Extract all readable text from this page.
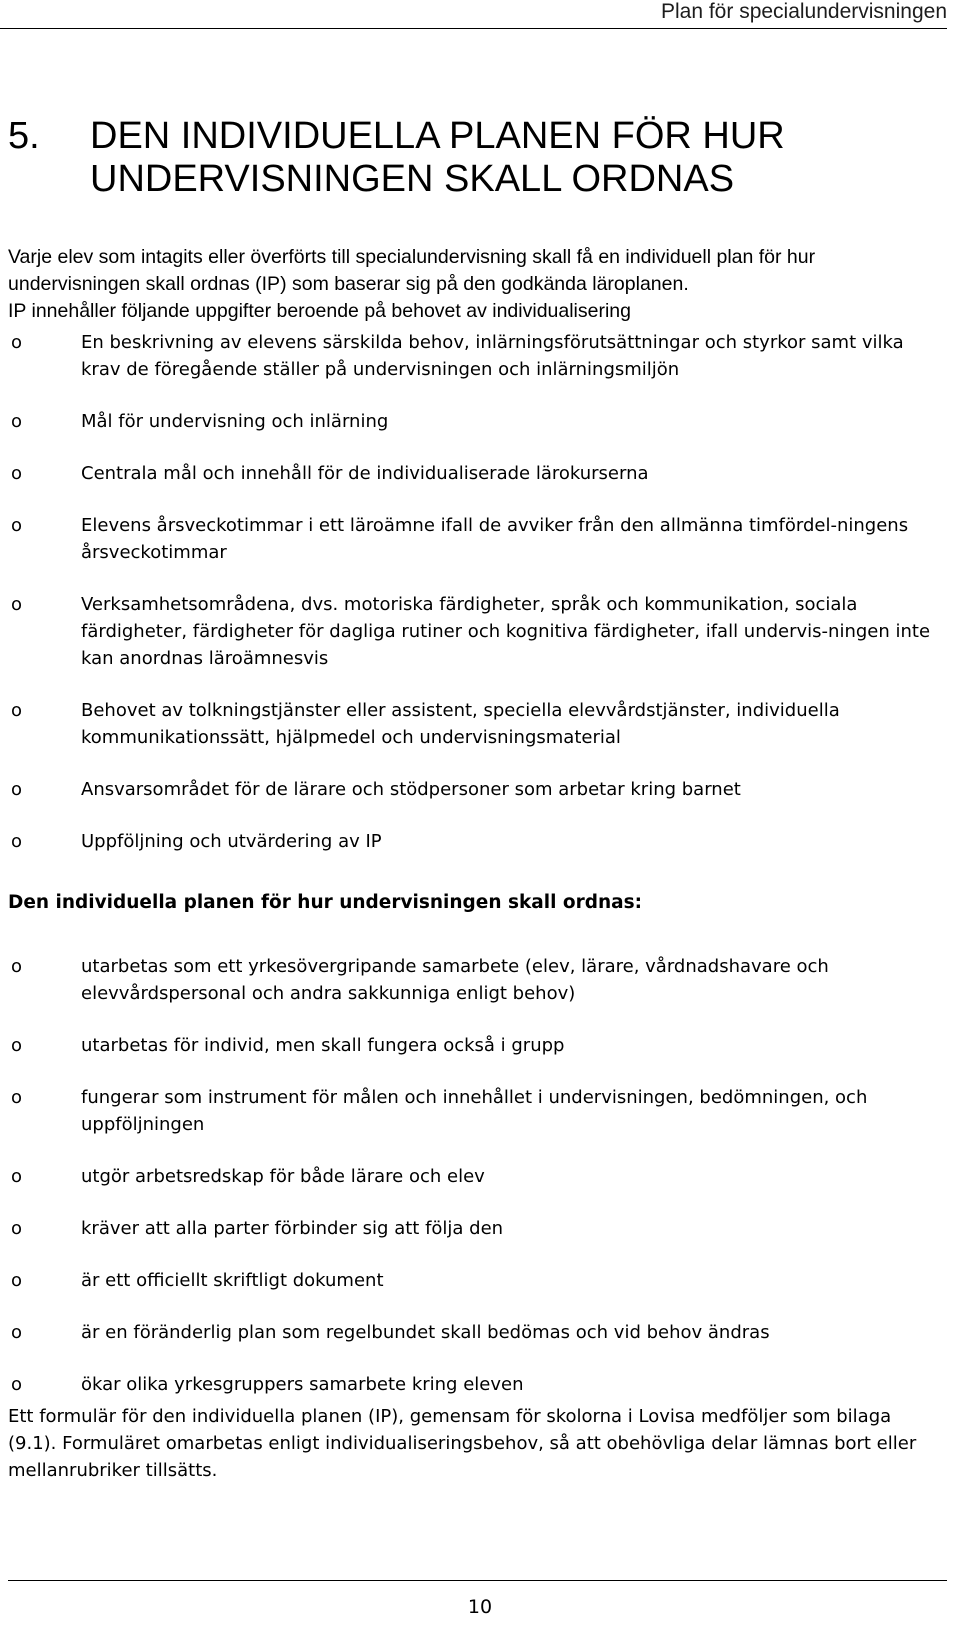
Plan för specialundervisningen
5. DEN INDIVIDUELLA PLANEN FÖR HUR UNDERVISNINGEN SKALL ORDNAS

Varje elev som intagits eller överförts till specialundervisning skall få en individuell plan för hur undervisningen skall ordnas (IP) som baserar sig på den godkända läroplanen.

IP innehåller följande uppgifter beroende på behovet av individualisering

o	En beskrivning av elevens särskilda behov, inlärningsförutsättningar och styrkor samt vilka krav de föregående ställer på undervisningen och inlärningsmiljön
o	Mål för undervisning och inlärning
o	Centrala mål och innehåll för de individualiserade lärokurserna
o	Elevens årsveckotimmar i ett läroämne ifall de avviker från den allmänna timfördel-ningens årsveckotimmar
o	Verksamhetsområdena, dvs. motoriska färdigheter, språk och kommunikation, sociala färdigheter, färdigheter för dagliga rutiner och kognitiva färdigheter, ifall undervis-ningen inte kan anordnas läroämnesvis
o	Behovet av tolkningstjänster eller assistent, speciella elevvårdstjänster, individuella kommunikationssätt, hjälpmedel och undervisningsmaterial
o	Ansvarsområdet för de lärare och stödpersoner som arbetar kring barnet
o	Uppföljning och utvärdering av IP
Den individuella planen för hur undervisningen skall ordnas:
o	utarbetas som ett yrkesövergripande samarbete (elev, lärare, vårdnadshavare och elevvårdspersonal och andra sakkunniga enligt behov)
o	utarbetas för individ, men skall fungera också i grupp
o	fungerar som instrument för målen och innehållet i undervisningen, bedömningen, och uppföljningen
o	utgör arbetsredskap för både lärare och elev
o	kräver att alla parter förbinder sig att följa den
o	är ett officiellt skriftligt dokument
o	är en föränderlig plan som regelbundet skall bedömas och vid behov ändras
o	ökar olika yrkesgruppers samarbete kring eleven

Ett formulär för den individuella planen (IP), gemensam för skolorna i Lovisa medföljer som bilaga (9.1). Formuläret omarbetas enligt individualiseringsbehov, så att obehövliga delar lämnas bort eller mellanrubriker tillsätts.

10
